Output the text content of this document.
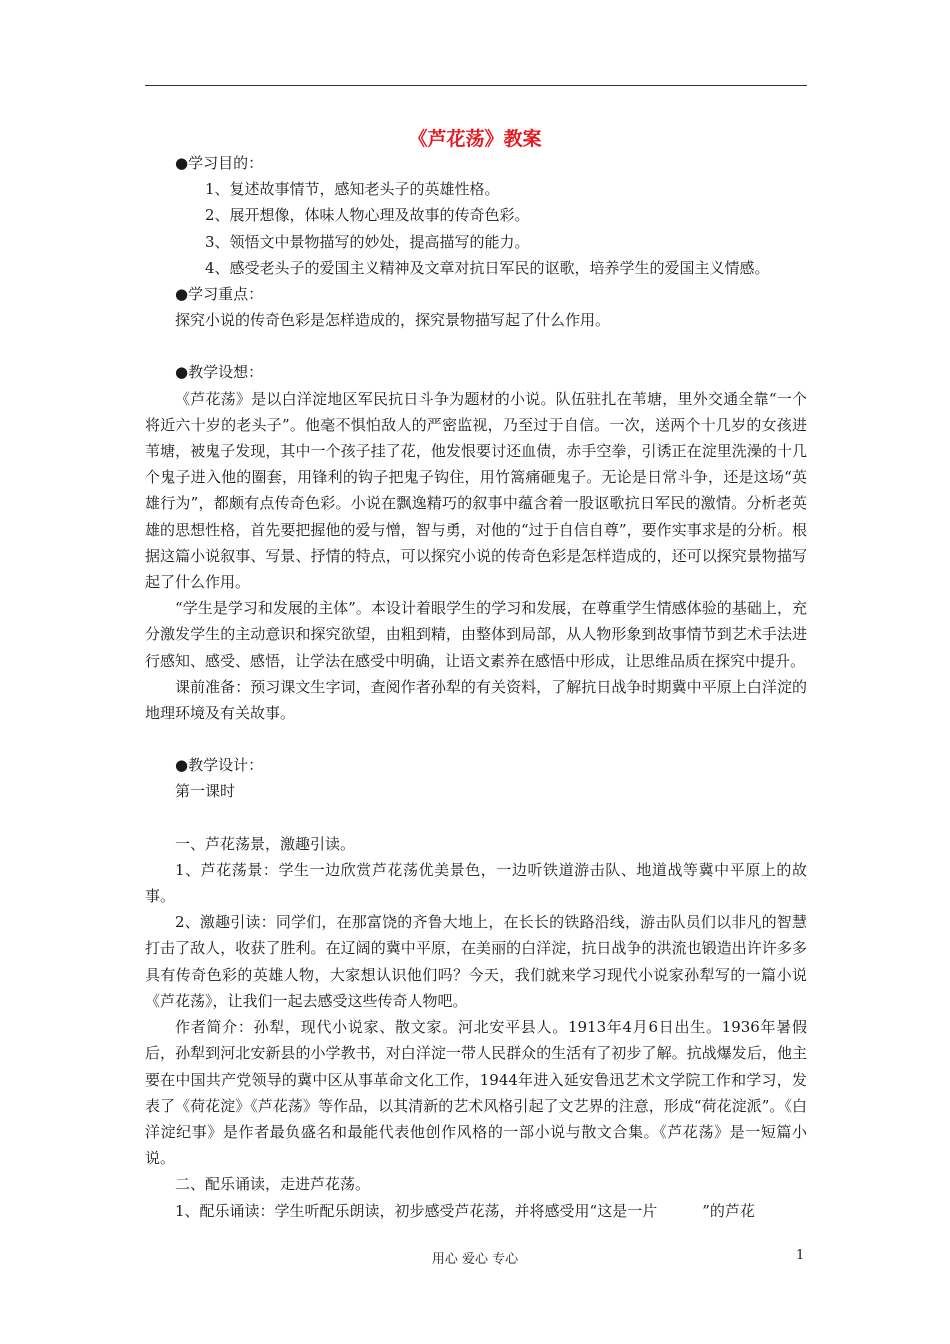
《芦花荡》教案

●学习目的：

1、复述故事情节，感知老头子的英雄性格。

2、展开想像，体味人物心理及故事的传奇色彩。

3、领悟文中景物描写的妙处，提高描写的能力。

4、感受老头子的爱国主义精神及文章对抗日军民的讴歌，培养学生的爱国主义情感。

●学习重点：

探究小说的传奇色彩是怎样造成的，探究景物描写起了什么作用。

●教学设想：

《芦花荡》是以白洋淀地区军民抗日斗争为题材的小说。队伍驻扎在苇塘，里外交通全靠“一个将近六十岁的老头子”。他毫不惧怕敌人的严密监视，乃至过于自信。一次，送两个十几岁的女孩进苇塘，被鬼子发现，其中一个孩子挂了花，他发恨要讨还血债，赤手空拳，引诱正在淀里洗澡的十几个鬼子进入他的圈套，用锋利的钩子把鬼子钩住，用竹篙痛砸鬼子。无论是日常斗争，还是这场“英雄行为”，都颇有点传奇色彩。小说在飘逸精巧的叙事中蕴含着一股讴歌抗日军民的激情。分析老英雄的思想性格，首先要把握他的爱与憎，智与勇，对他的“过于自信自尊”，要作实事求是的分析。根据这篇小说叙事、写景、抒情的特点，可以探究小说的传奇色彩是怎样造成的，还可以探究景物描写起了什么作用。

“学生是学习和发展的主体”。本设计着眼学生的学习和发展，在尊重学生情感体验的基础上，充分激发学生的主动意识和探究欲望，由粗到精，由整体到局部，从人物形象到故事情节到艺术手法进行感知、感受、感悟，让学法在感受中明确，让语文素养在感悟中形成，让思维品质在探究中提升。

课前准备：预习课文生字词，查阅作者孙犁的有关资料，了解抗日战争时期冀中平原上白洋淀的地理环境及有关故事。

●教学设计：

第一课时

一、芦花荡景，激趣引读。

1、芦花荡景：学生一边欣赏芦花荡优美景色，一边听铁道游击队、地道战等冀中平原上的故事。

2、激趣引读：同学们，在那富饶的齐鲁大地上，在长长的铁路沿线，游击队员们以非凡的智慧打击了敌人，收获了胜利。在辽阔的冀中平原，在美丽的白洋淀，抗日战争的洪流也锻造出许许多多具有传奇色彩的英雄人物，大家想认识他们吗？今天，我们就来学习现代小说家孙犁写的一篇小说《芦花荡》，让我们一起去感受这些传奇人物吧。

作者简介：孙犁，现代小说家、散文家。河北安平县人。1913年4月6日出生。1936年暑假后，孙犁到河北安新县的小学教书，对白洋淀一带人民群众的生活有了初步了解。抗战爆发后，他主要在中国共产党领导的冀中区从事革命文化工作，1944年进入延安鲁迅艺术文学院工作和学习，发表了《荷花淀》《芦花荡》等作品，以其清新的艺术风格引起了文艺界的注意，形成“荷花淀派”。《白洋淀纪事》是作者最负盛名和最能代表他创作风格的一部小说与散文合集。《芦花荡》是一短篇小说。

二、配乐诵读，走进芦花荡。

1、配乐诵读：学生听配乐朗读，初步感受芦花荡，并将感受用“这是一片　　　”的芦花

用心 爱心 专心	1
